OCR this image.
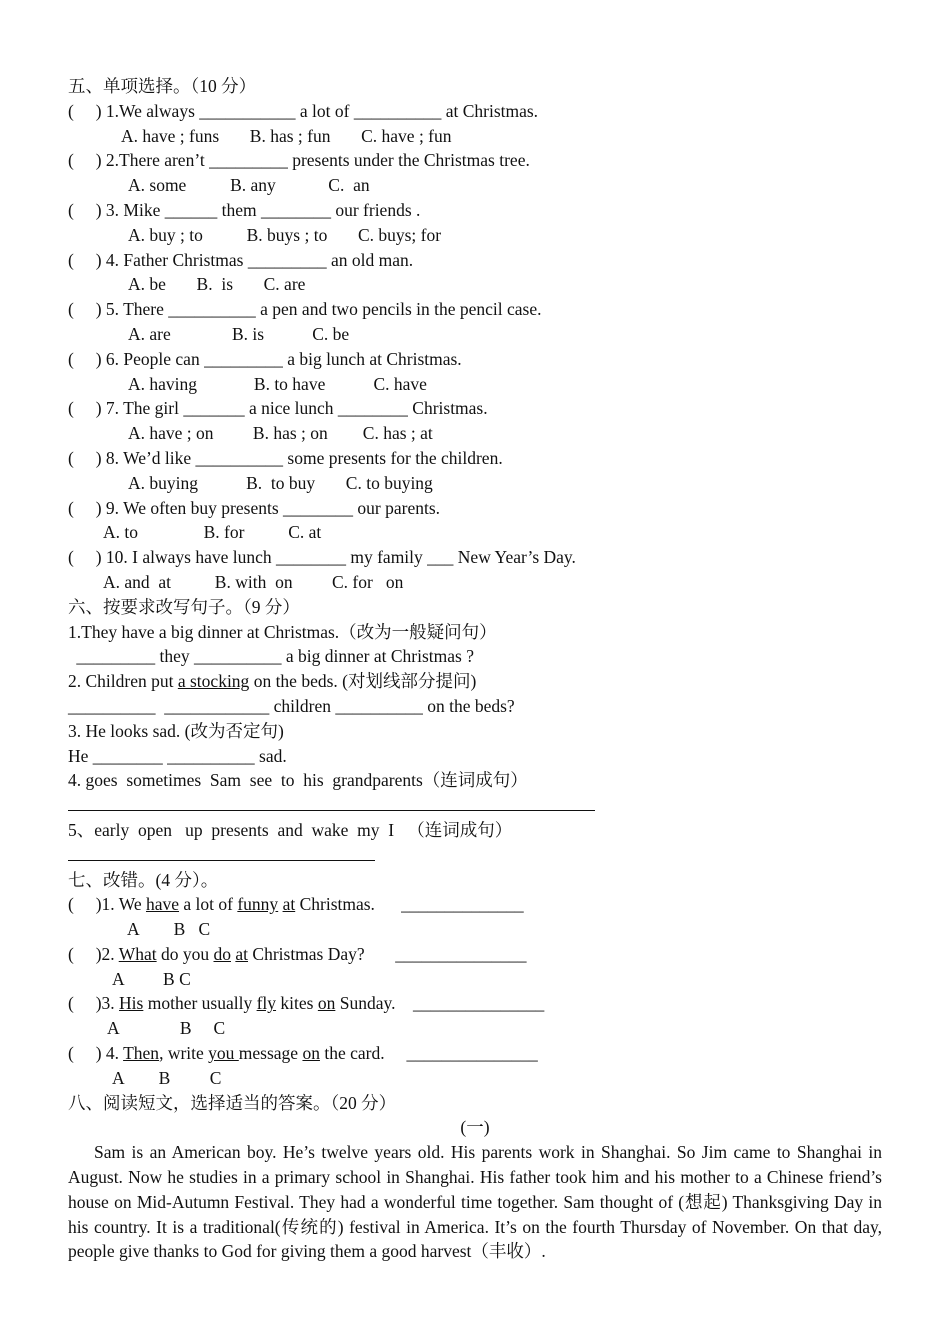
五、单项选择。（10 分）
(     ) 1.We always ___________ a lot of __________ at Christmas.
A. have ; funs       B. has ; fun       C. have ; fun
(     ) 2.There aren’t _________ presents under the Christmas tree.
A. some          B. any            C.  an
(     ) 3. Mike ______ them ________ our friends .
A. buy ; to          B. buys ; to       C. buys; for
(     ) 4. Father Christmas _________ an old man.
A. be       B.  is       C. are
(     ) 5. There __________ a pen and two pencils in the pencil case.
A. are              B. is           C. be
(     ) 6. People can _________ a big lunch at Christmas.
A. having             B. to have           C. have
(     ) 7. The girl _______ a nice lunch ________ Christmas.
A. have ; on         B. has ; on        C. has ; at
(     ) 8. We’d like __________ some presents for the children.
A. buying           B.  to buy       C. to buying
(     ) 9. We often buy presents ________ our parents.
A. to               B. for          C. at
(     ) 10. I always have lunch ________ my family ___ New Year’s Day.
A. and  at          B. with  on         C. for   on
六、按要求改写句子。（9 分）
1.They have a big dinner at Christmas.（改为一般疑问句）
_________ they __________ a big dinner at Christmas ?
2. Children put a stocking on the beds. (对划线部分提问)
__________  ____________ children __________ on the beds?
3. He looks sad. (改为否定句)
He ________ __________ sad.
4. goes  sometimes  Sam  see  to  his  grandparents（连词成句）
5、early  open   up  presents  and  wake  my  I   （连词成句）
七、改错。(4 分）。
(     )1. We have a lot of funny at Christmas.      ______________
A        B   C
(     )2. What do you do at Christmas Day?       _______________
A         B C
(     )3. His mother usually fly kites on Sunday.    _______________
A              B     C
(     ) 4. Then, write you message on the card.     _______________
A        B         C
八、阅读短文，选择适当的答案。（20 分）
(一)
Sam is an American boy. He’s twelve years old. His parents work in Shanghai. So Jim came to Shanghai in August. Now he studies in a primary school in Shanghai. His father took him and his mother to a Chinese friend’s house on Mid-Autumn Festival. They had a wonderful time together. Sam thought of (想起) Thanksgiving Day in his country. It is a traditional(传统的) festival in America. It’s on the fourth Thursday of November. On that day, people give thanks to God for giving them a good harvest（丰收）.
